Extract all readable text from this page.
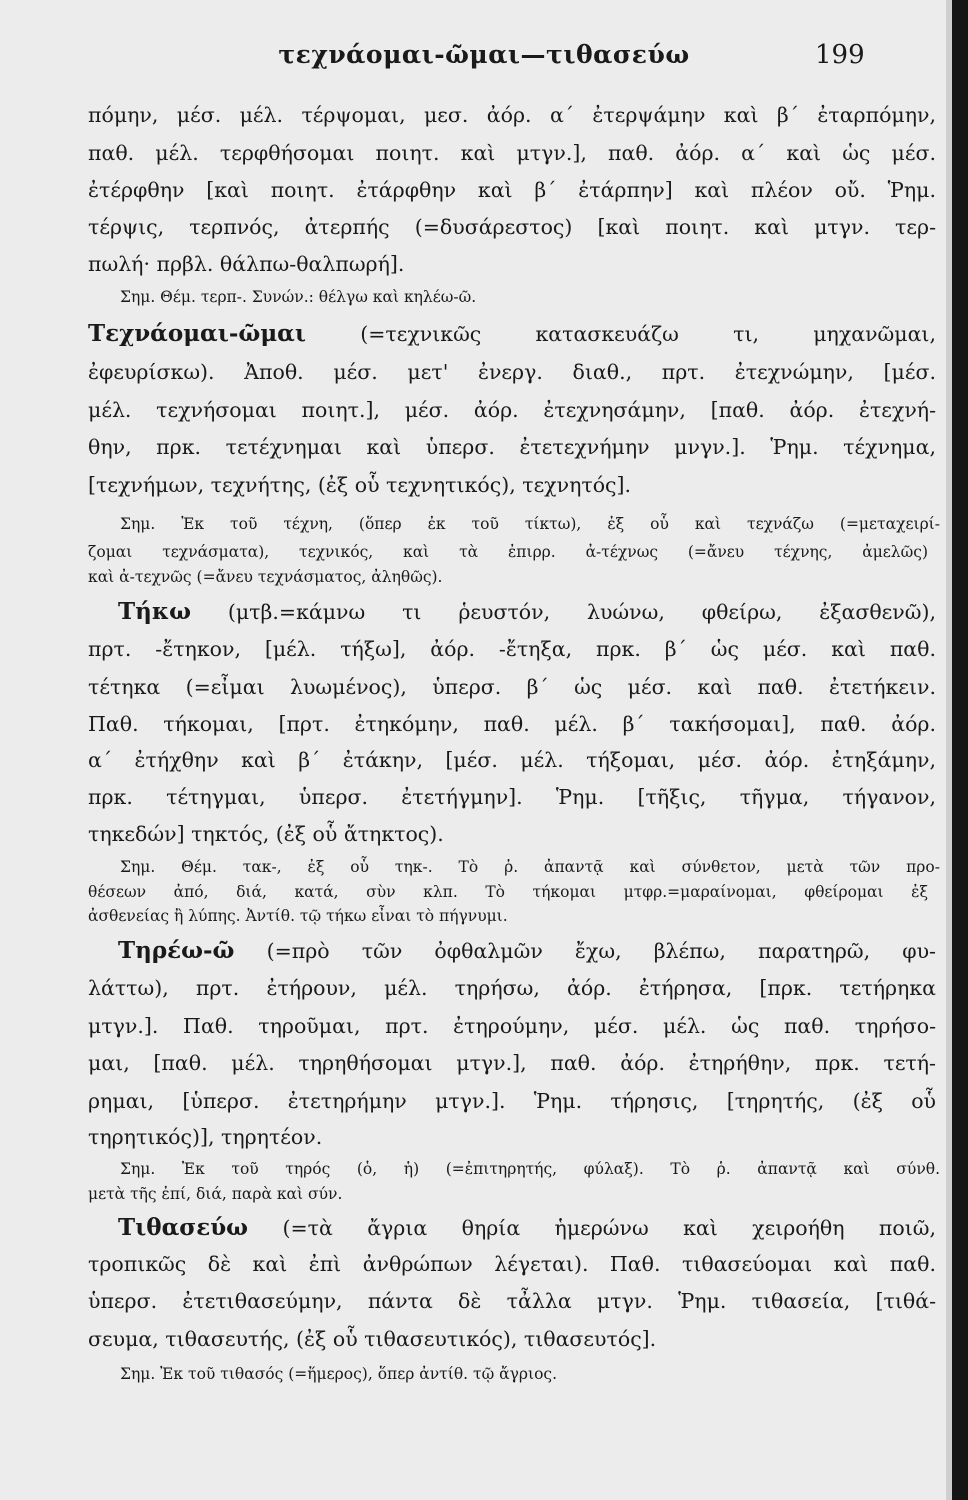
τεχνάομαι-ῶμαι—τιθασεύω	199
πόμην, μέσ. μέλ. τέρψομαι, μεσ. ἀόρ. α΄ ἐτερψάμην καὶ β΄ ἐταρπόμην,
παθ. μέλ. τερφθήσομαι ποιητ. καὶ μτγν.], παθ. ἀόρ. α΄ καὶ ὡς μέσ.
ἐτέρφθην [καὶ ποιητ. ἐτάρφθην καὶ β΄ ἐτάρπην] καὶ πλέον οὔ. Ῥημ.
τέρψις, τερπνός, ἀτερπής (=δυσάρεστος) [καὶ ποιητ. καὶ μτγν. τερ-
πωλή· πρβλ. θάλπω-θαλπωρή].
Σημ. Θέμ. τερπ-. Συνών.: θέλγω καὶ κηλέω-ῶ.
Τεχνάομαι-ῶμαι	(=τεχνικῶς κατασκευάζω τι, μηχανῶμαι,
ἐφευρίσκω). Ἀποθ. μέσ. μετ' ἐνεργ. διαθ., πρτ. ἐτεχνώμην, [μέσ.
μέλ. τεχνήσομαι ποιητ.], μέσ. ἀόρ. ἐτεχνησάμην, [παθ. ἀόρ. ἐτεχνή-
θην, πρκ. τετέχνημαι καὶ ὑπερσ. ἐτετεχνήμην μνγν.]. Ῥημ. τέχνημα,
[τεχνήμων, τεχνήτης, (ἐξ οὗ τεχνητικός), τεχνητός].
Σημ. Ἐκ τοῦ τέχνη, (ὅπερ ἐκ τοῦ τίκτω), ἐξ οὗ καὶ τεχνάζω (=μεταχειρί-
ζομαι τεχνάσματα), τεχνικός, καὶ τὰ ἐπιρρ. ἀ-τέχνως (=ἄνευ τέχνης, ἀμελῶς)
καὶ ἀ-τεχνῶς (=ἄνευ τεχνάσματος, ἀληθῶς).
Τήκω (μτβ.=κάμνω τι ῥευστόν, λυώνω, φθείρω, ἐξασθενῶ),
πρτ. -ἔτηκον, [μέλ. τήξω], ἀόρ. -ἔτηξα, πρκ. β΄ ὡς μέσ. καὶ παθ.
τέτηκα (=εἶμαι λυωμένος), ὑπερσ. β΄ ὡς μέσ. καὶ παθ. ἐτετήκειν.
Παθ. τήκομαι, [πρτ. ἐτηκόμην, παθ. μέλ. β΄ τακήσομαι], παθ. ἀόρ.
α΄ ἐτήχθην καὶ β΄ ἐτάκην, [μέσ. μέλ. τήξομαι, μέσ. ἀόρ. ἐτηξάμην,
πρκ. τέτηγμαι, ὑπερσ. ἐτετήγμην]. Ῥημ. [τῆξις, τῆγμα, τήγανον,
τηκεδών] τηκτός, (ἐξ οὗ ἄτηκτος).
Σημ. Θέμ. τακ-, ἐξ οὗ τηκ-. Τὸ ῥ. ἀπαντᾷ καὶ σύνθετον, μετὰ τῶν προ-
θέσεων ἀπό, διά, κατά, σὺν κλπ. Τὸ τήκομαι μτφρ.=μαραίνομαι, φθείρομαι ἐξ
ἀσθενείας ἢ λύπης. Ἀντίθ. τῷ τήκω εἶναι τὸ πήγνυμι.
Τηρέω-ῶ (=πρὸ τῶν ὀφθαλμῶν ἔχω, βλέπω, παρατηρῶ, φυ-
λάττω), πρτ. ἐτήρουν, μέλ. τηρήσω, ἀόρ. ἐτήρησα, [πρκ. τετήρηκα
μτγν.]. Παθ. τηροῦμαι, πρτ. ἐτηρούμην, μέσ. μέλ. ὡς παθ. τηρήσο-
μαι, [παθ. μέλ. τηρηθήσομαι μτγν.], παθ. ἀόρ. ἐτηρήθην, πρκ. τετή-
ρημαι, [ὑπερσ. ἐτετηρήμην μτγν.]. Ῥημ. τήρησις, [τηρητής, (ἐξ οὗ
τηρητικός)], τηρητέον.
Σημ. Ἐκ τοῦ τηρός (ὁ, ἡ) (=ἐπιτηρητής, φύλαξ). Τὸ ῥ. ἀπαντᾷ καὶ σύνθ.
μετὰ τῆς ἐπί, διά, παρὰ καὶ σύν.
Τιθασεύω (=τὰ ἄγρια θηρία ἡμερώνω καὶ χειροήθη ποιῶ,
τροπικῶς δὲ καὶ ἐπὶ ἀνθρώπων λέγεται). Παθ. τιθασεύομαι καὶ παθ.
ὑπερσ. ἐτετιθασεύμην, πάντα δὲ τἆλλα μτγν. Ῥημ. τιθασεία, [τιθά-
σευμα, τιθασευτής, (ἐξ οὗ τιθασευτικός), τιθασευτός].
Σημ. Ἐκ τοῦ τιθασός (=ἥμερος), ὅπερ ἀντίθ. τῷ ἄγριος.
